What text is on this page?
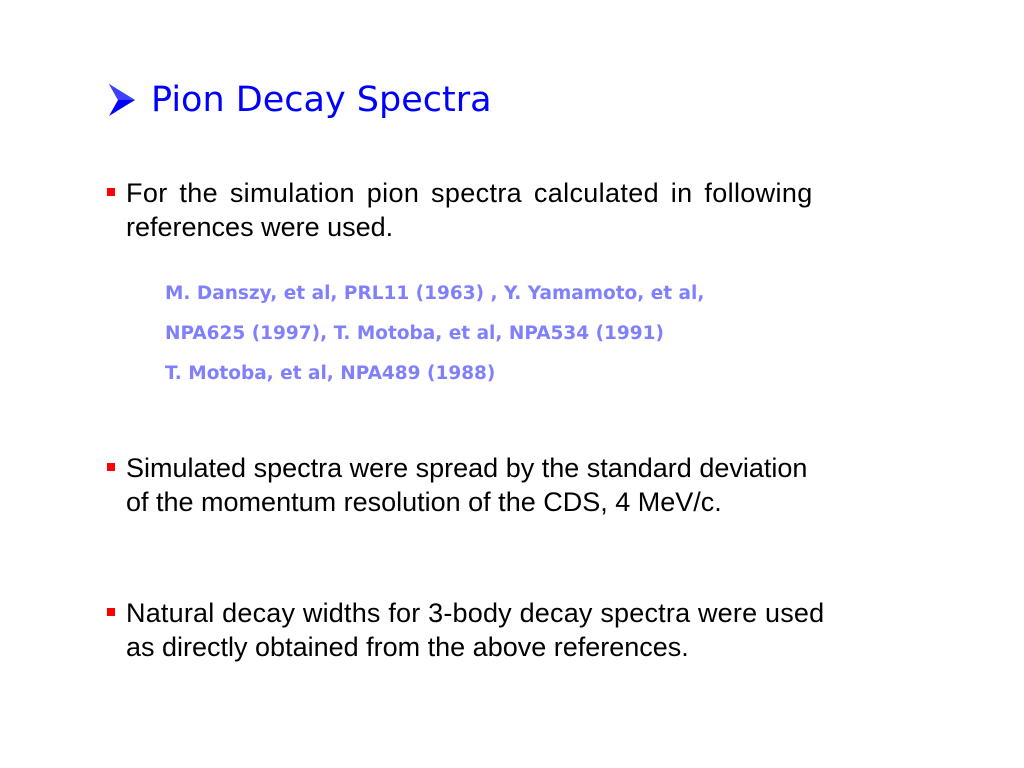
Pion Decay Spectra
For the simulation pion spectra calculated in following
references were used.
M. Danszy, et al, PRL11 (1963) , Y. Yamamoto, et al,
NPA625 (1997), T. Motoba, et al, NPA534 (1991)
T. Motoba, et al, NPA489 (1988)
Simulated spectra were spread by the standard deviation
of the momentum resolution of the CDS, 4 MeV/c.
Natural decay widths for 3-body decay spectra were used
as directly obtained from the above references.
